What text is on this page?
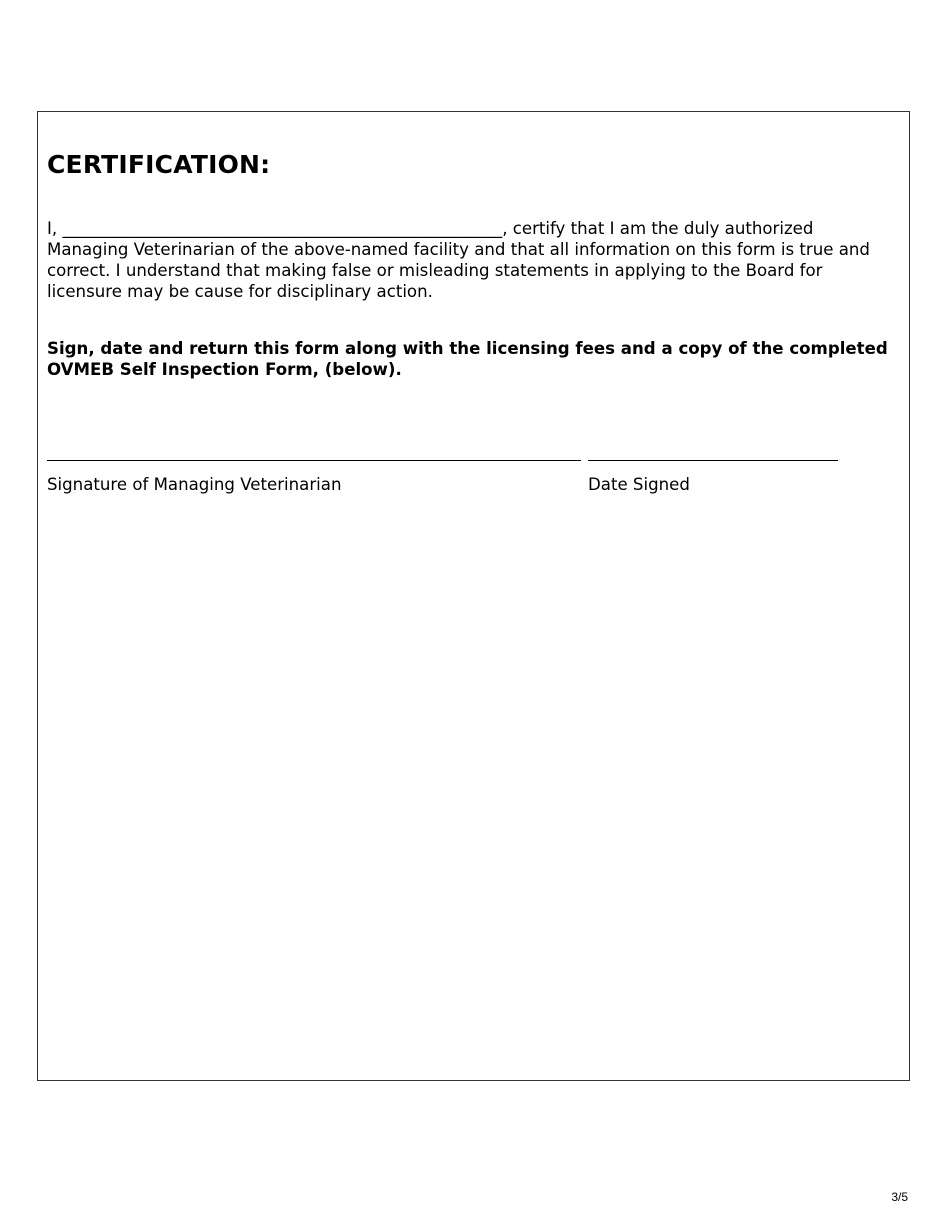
CERTIFICATION:

I, _____________________________________________________, certify that I am the duly authorized Managing Veterinarian of the above-named facility and that all information on this form is true and correct. I understand that making false or misleading statements in applying to the Board for licensure may be cause for disciplinary action.

Sign, date and return this form along with the licensing fees and a copy of the completed OVMEB Self Inspection Form, (below).

Signature of Managing Veterinarian	Date Signed
3/5
